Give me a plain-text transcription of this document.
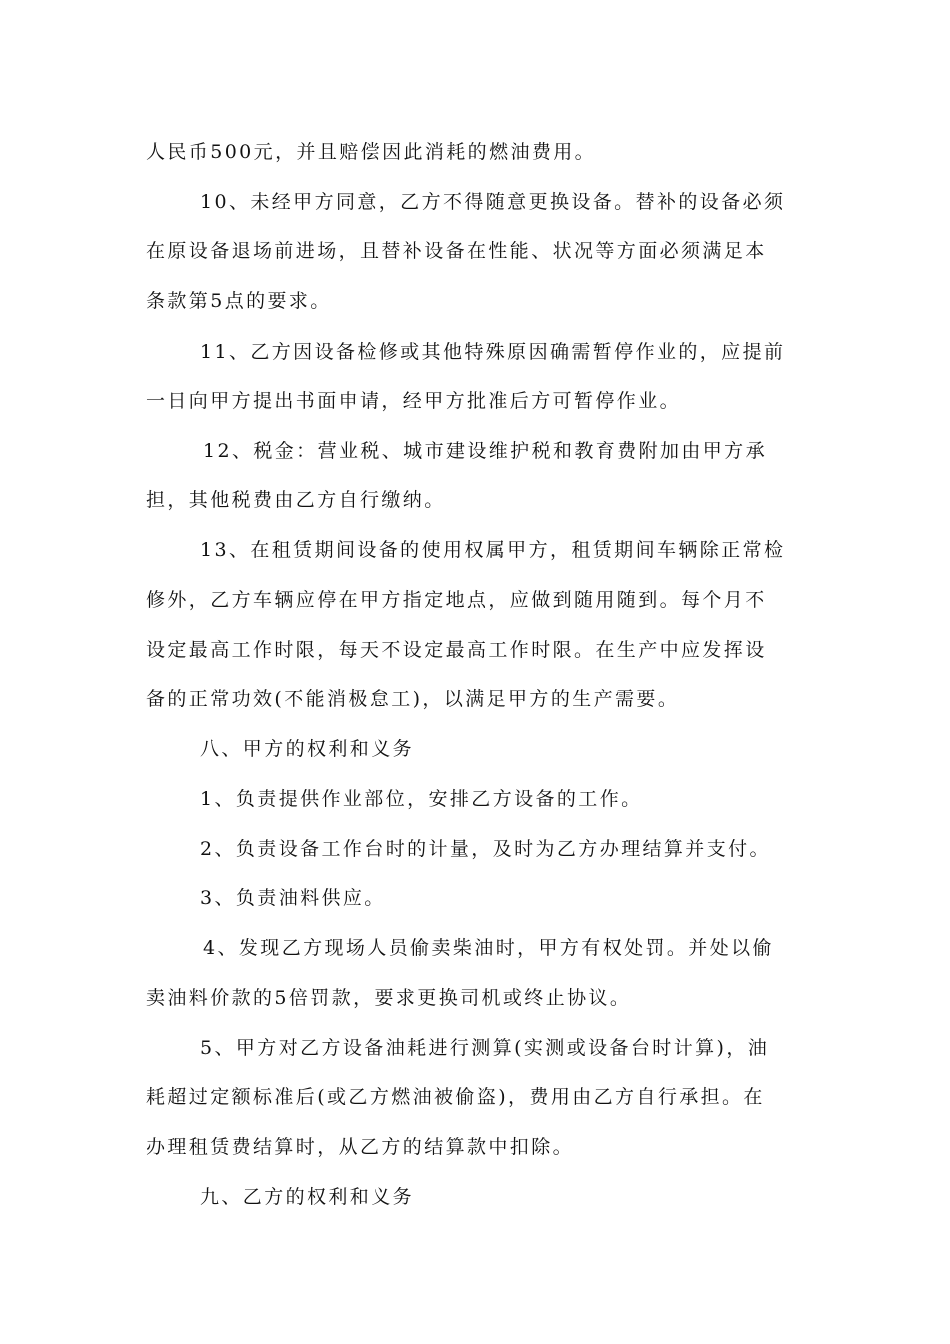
人民币500元，并且赔偿因此消耗的燃油费用。
10、未经甲方同意，乙方不得随意更换设备。替补的设备必须
在原设备退场前进场，且替补设备在性能、状况等方面必须满足本
条款第5点的要求。
11、乙方因设备检修或其他特殊原因确需暂停作业的，应提前
一日向甲方提出书面申请，经甲方批准后方可暂停作业。
12、税金：营业税、城市建设维护税和教育费附加由甲方承
担，其他税费由乙方自行缴纳。
13、在租赁期间设备的使用权属甲方，租赁期间车辆除正常检
修外，乙方车辆应停在甲方指定地点，应做到随用随到。每个月不
设定最高工作时限，每天不设定最高工作时限。在生产中应发挥设
备的正常功效(不能消极怠工)，以满足甲方的生产需要。
八、甲方的权利和义务
1、负责提供作业部位，安排乙方设备的工作。
2、负责设备工作台时的计量，及时为乙方办理结算并支付。
3、负责油料供应。
4、发现乙方现场人员偷卖柴油时，甲方有权处罚。并处以偷
卖油料价款的5倍罚款，要求更换司机或终止协议。
5、甲方对乙方设备油耗进行测算(实测或设备台时计算)，油
耗超过定额标准后(或乙方燃油被偷盗)，费用由乙方自行承担。在
办理租赁费结算时，从乙方的结算款中扣除。
九、乙方的权利和义务
